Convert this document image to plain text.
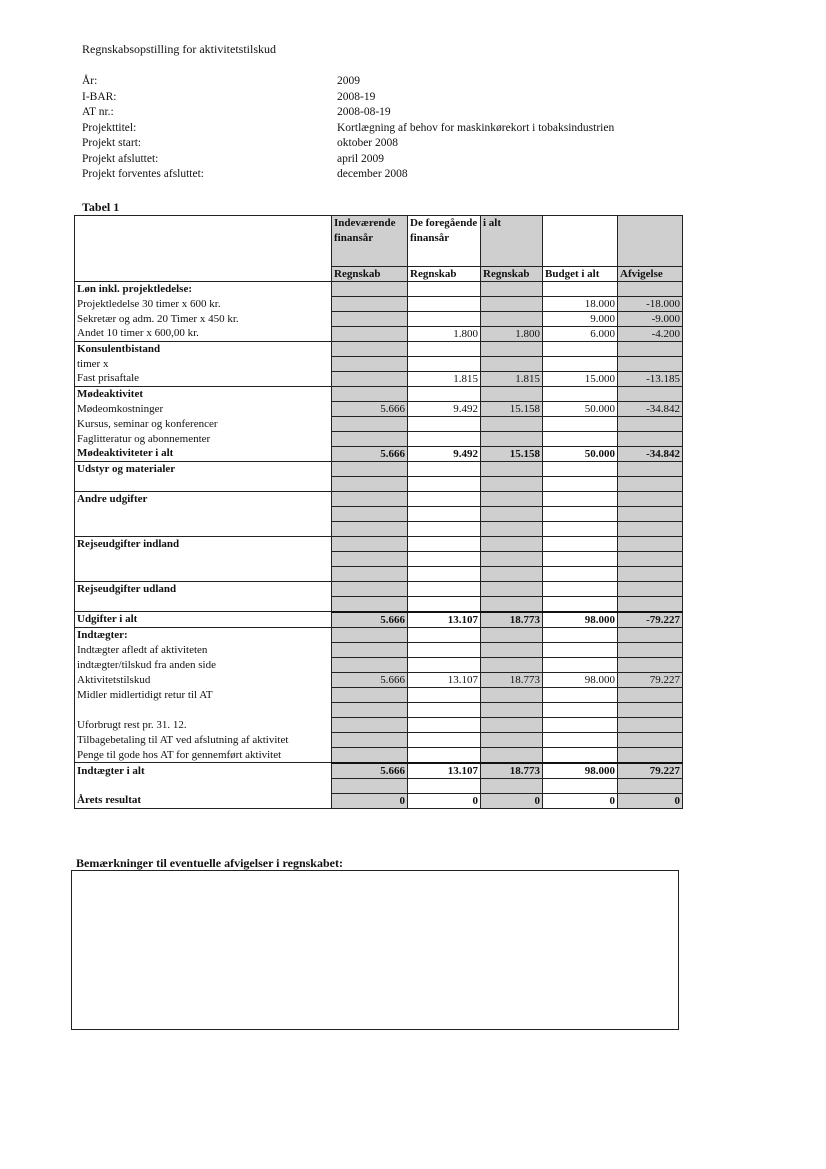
Regnskabsopstilling for aktivitetstilskud
År:	2009
I-BAR:	2008-19
AT nr.:	2008-08-19
Projekttitel:	Kortlægning af behov for maskinkørekort i tobaksindustrien
Projekt start:	oktober 2008
Projekt afsluttet:	april 2009
Projekt forventes afsluttet:	december 2008
Tabel 1
	Indeværende finansår	De foregående finansår	i alt		
	Regnskab	Regnskab	Regnskab	Budget i alt	Afvigelse
Løn inkl. projektledelse:					
Projektledelse 30 timer x 600 kr.				18.000	-18.000
Sekretær og adm. 20 Timer x 450 kr.				9.000	-9.000
Andet 10 timer x 600,00 kr.		1.800	1.800	6.000	-4.200
Konsulentbistand					
timer x					
Fast prisaftale		1.815	1.815	15.000	-13.185
Mødeaktivitet					
Mødeomkostninger	5.666	9.492	15.158	50.000	-34.842
Kursus, seminar og konferencer					
Faglitteratur og abonnementer					
Mødeaktiviteter i alt	5.666	9.492	15.158	50.000	-34.842
Udstyr og materialer					

Andre udgifter					

Rejseudgifter indland					

Rejseudgifter udland					

Udgifter i alt	5.666	13.107	18.773	98.000	-79.227
Indtægter:					
Indtægter afledt af aktiviteten					
indtægter/tilskud fra anden side					
Aktivitetstilskud	5.666	13.107	18.773	98.000	79.227
Midler midlertidigt retur til AT					

Uforbrugt rest pr. 31. 12.					
Tilbagebetaling til AT ved afslutning af aktivitet					
Penge til gode hos AT for gennemført aktivitet					
Indtægter i alt	5.666	13.107	18.773	98.000	79.227

Årets resultat	0	0	0	0	0
Bemærkninger til eventuelle afvigelser i regnskabet:
